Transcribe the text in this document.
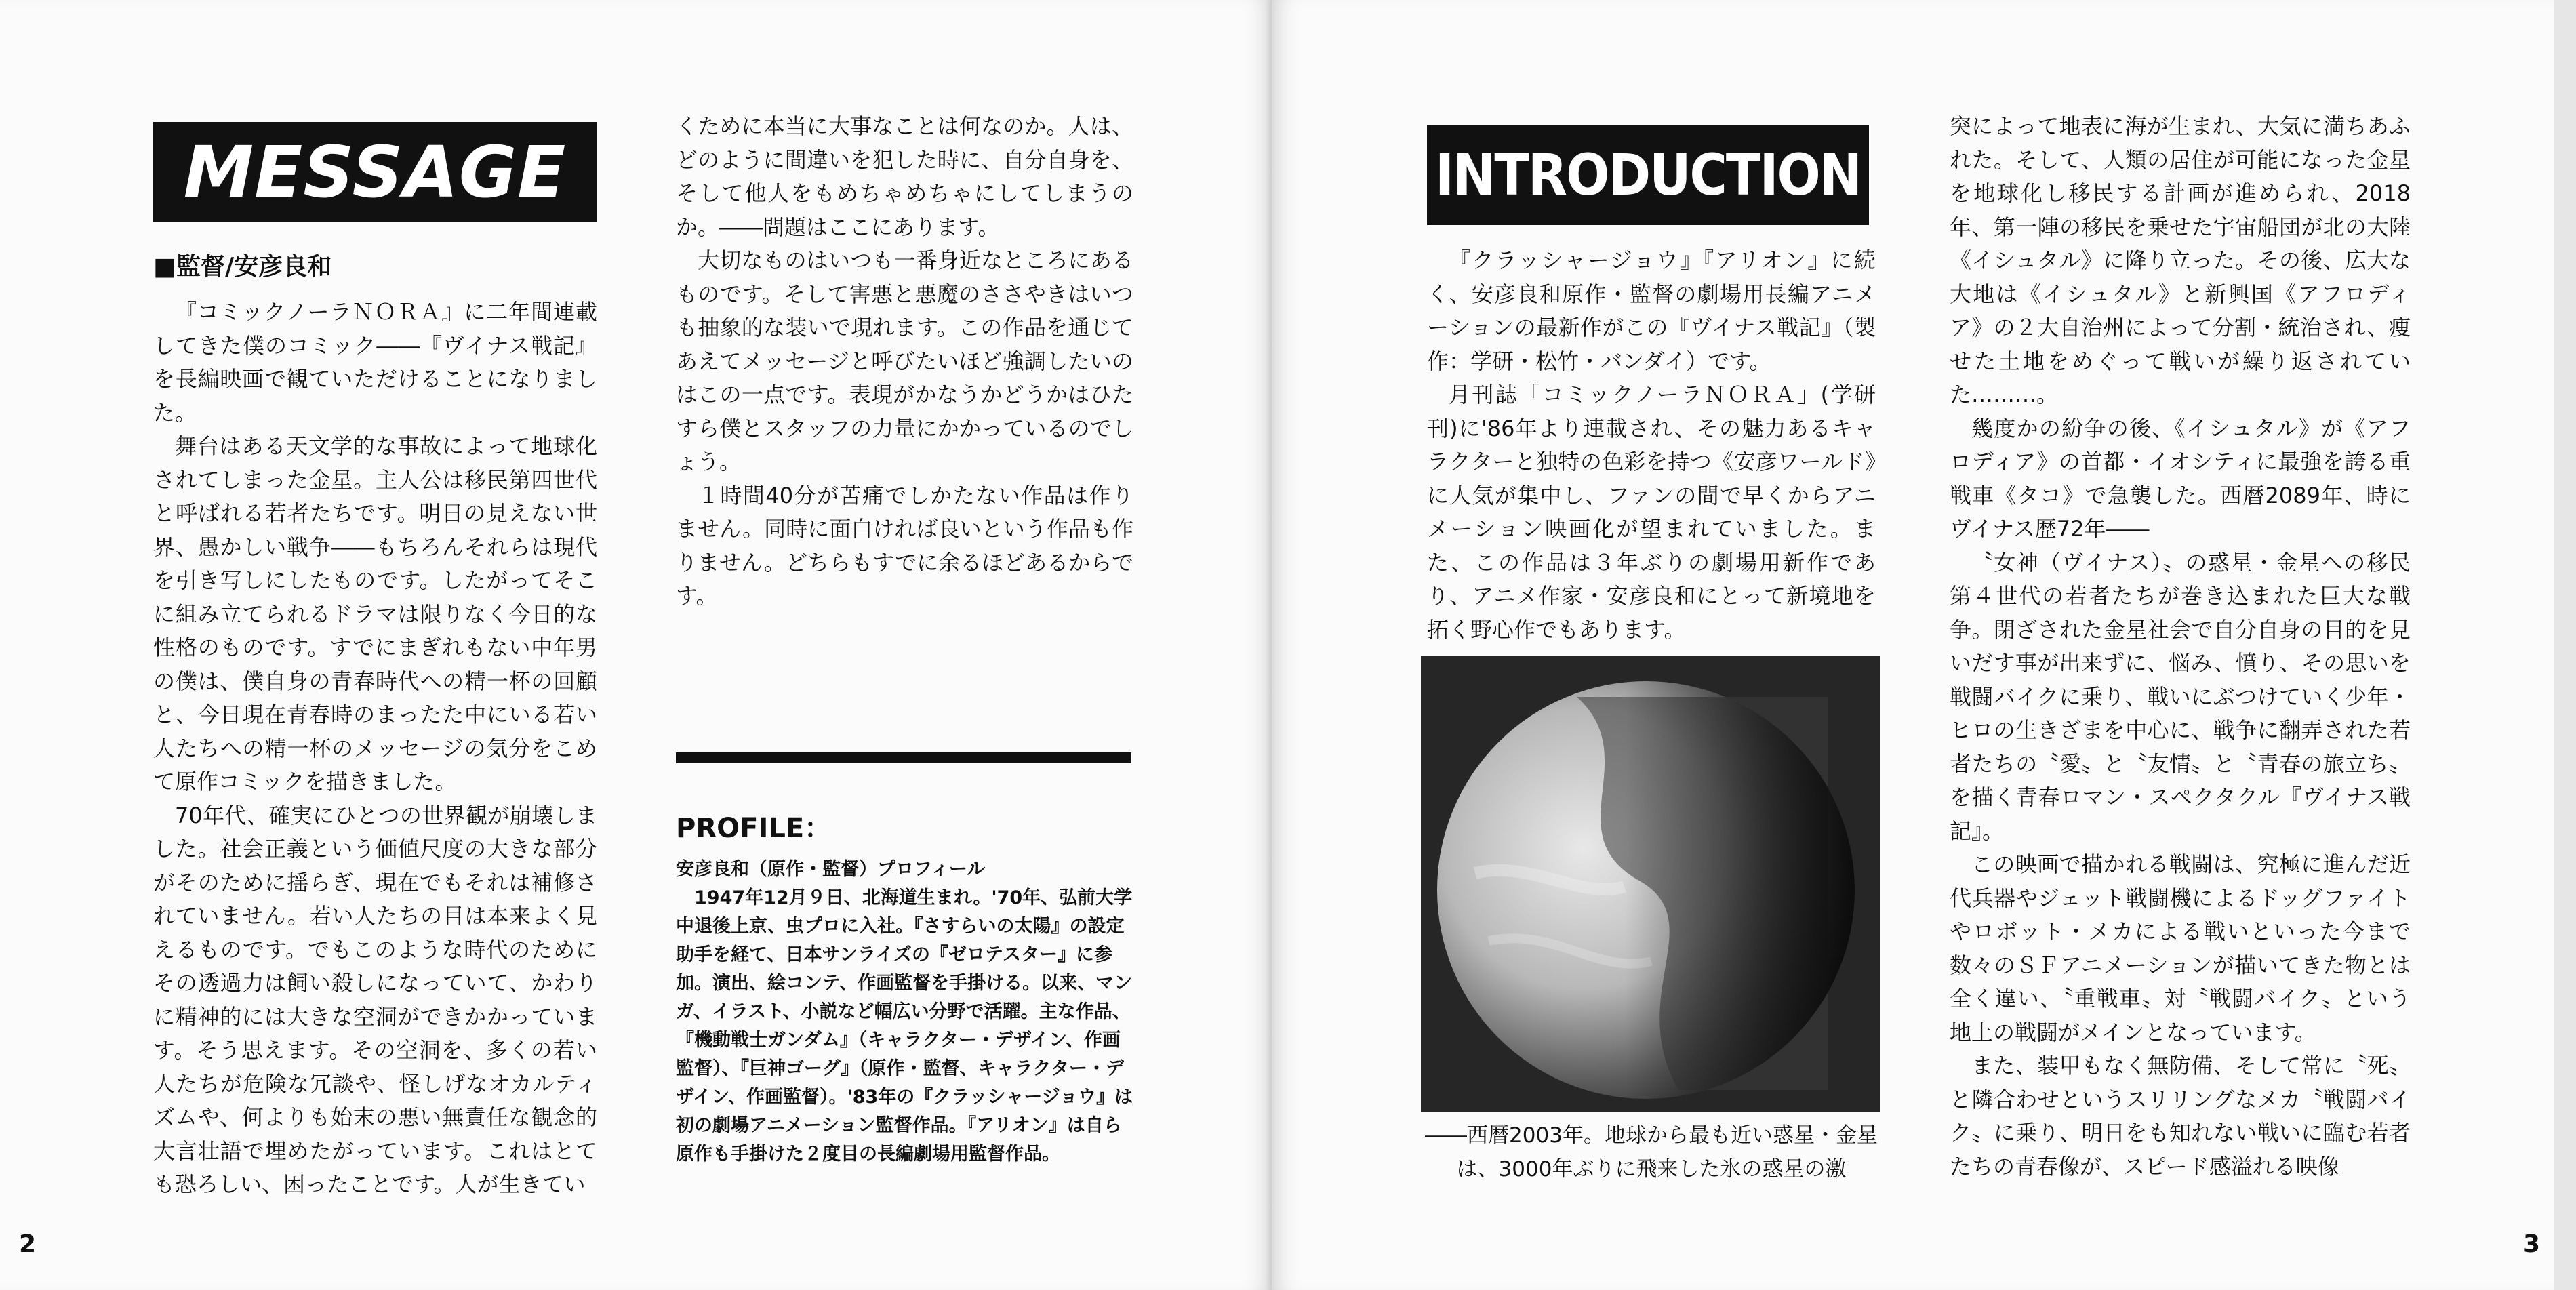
MESSAGE
■監督/安彦良和

『コミックノーラＮＯＲＡ』に二年間連載してきた僕のコミック――『ヴイナス戦記』を長編映画で観ていただけることになりました。

舞台はある天文学的な事故によって地球化されてしまった金星。主人公は移民第四世代と呼ばれる若者たちです。明日の見えない世界、愚かしい戦争――もちろんそれらは現代を引き写しにしたものです。したがってそこに組み立てられるドラマは限りなく今日的な性格のものです。すでにまぎれもない中年男の僕は、僕自身の青春時代への精一杯の回顧と、今日現在青春時のまったた中にいる若い人たちへの精一杯のメッセージの気分をこめて原作コミックを描きました。

70年代、確実にひとつの世界観が崩壊しました。社会正義という価値尺度の大きな部分がそのために揺らぎ、現在でもそれは補修されていません。若い人たちの目は本来よく見えるものです。でもこのような時代のためにその透過力は飼い殺しになっていて、かわりに精神的には大きな空洞ができかかっています。そう思えます。その空洞を、多くの若い人たちが危険な冗談や、怪しげなオカルティズムや、何よりも始末の悪い無責任な観念的大言壮語で埋めたがっています。これはとても恐ろしい、困ったことです。人が生きてい

くために本当に大事なことは何なのか。人は、どのように間違いを犯した時に、自分自身を、そして他人をもめちゃめちゃにしてしまうのか。――問題はここにあります。

大切なものはいつも一番身近なところにあるものです。そして害悪と悪魔のささやきはいつも抽象的な装いで現れます。この作品を通じてあえてメッセージと呼びたいほど強調したいのはこの一点です。表現がかなうかどうかはひたすら僕とスタッフの力量にかかっているのでしょう。

１時間40分が苦痛でしかたない作品は作りません。同時に面白ければ良いという作品も作りません。どちらもすでに余るほどあるからです。

PROFILE：

安彦良和（原作・監督）プロフィール

1947年12月９日、北海道生まれ。'70年、弘前大学中退後上京、虫プロに入社。『さすらいの太陽』の設定助手を経て、日本サンライズの『ゼロテスター』に参加。演出、絵コンテ、作画監督を手掛ける。以来、マンガ、イラスト、小説など幅広い分野で活躍。主な作品、『機動戦士ガンダム』（キャラクター・デザイン、作画監督）、『巨神ゴーグ』（原作・監督、キャラクター・デザイン、作画監督）。'83年の『クラッシャージョウ』は初の劇場アニメーション監督作品。『アリオン』は自ら原作も手掛けた２度目の長編劇場用監督作品。

2
INTRODUCTION

『クラッシャージョウ』『アリオン』に続く、安彦良和原作・監督の劇場用長編アニメーションの最新作がこの『ヴイナス戦記』（製作：学研・松竹・バンダイ）です。

月刊誌「コミックノーラＮＯＲＡ」(学研刊)に'86年より連載され、その魅力あるキャラクターと独特の色彩を持つ《安彦ワールド》に人気が集中し、ファンの間で早くからアニメーション映画化が望まれていました。また、この作品は３年ぶりの劇場用新作であり、アニメ作家・安彦良和にとって新境地を拓く野心作でもあります。

――西暦2003年。地球から最も近い惑星・金星は、3000年ぶりに飛来した氷の惑星の激

突によって地表に海が生まれ、大気に満ちあふれた。そして、人類の居住が可能になった金星を地球化し移民する計画が進められ、2018年、第一陣の移民を乗せた宇宙船団が北の大陸《イシュタル》に降り立った。その後、広大な大地は《イシュタル》と新興国《アフロディア》の２大自治州によって分割・統治され、痩せた土地をめぐって戦いが繰り返されていた………。

幾度かの紛争の後、《イシュタル》が《アフロディア》の首都・イオシティに最強を誇る重戦車《タコ》で急襲した。西暦2089年、時にヴイナス歴72年――

〝女神（ヴイナス）〟の惑星・金星への移民第４世代の若者たちが巻き込まれた巨大な戦争。閉ざされた金星社会で自分自身の目的を見いだす事が出来ずに、悩み、憤り、その思いを戦闘バイクに乗り、戦いにぶつけていく少年・ヒロの生きざまを中心に、戦争に翻弄された若者たちの〝愛〟と〝友情〟と〝青春の旅立ち〟を描く青春ロマン・スペクタクル『ヴイナス戦記』。

この映画で描かれる戦闘は、究極に進んだ近代兵器やジェット戦闘機によるドッグファイトやロボット・メカによる戦いといった今まで数々のＳＦアニメーションが描いてきた物とは全く違い、〝重戦車〟対〝戦闘バイク〟という地上の戦闘がメインとなっています。

また、装甲もなく無防備、そして常に〝死〟と隣合わせというスリリングなメカ〝戦闘バイク〟に乗り、明日をも知れない戦いに臨む若者たちの青春像が、スピード感溢れる映像

3
